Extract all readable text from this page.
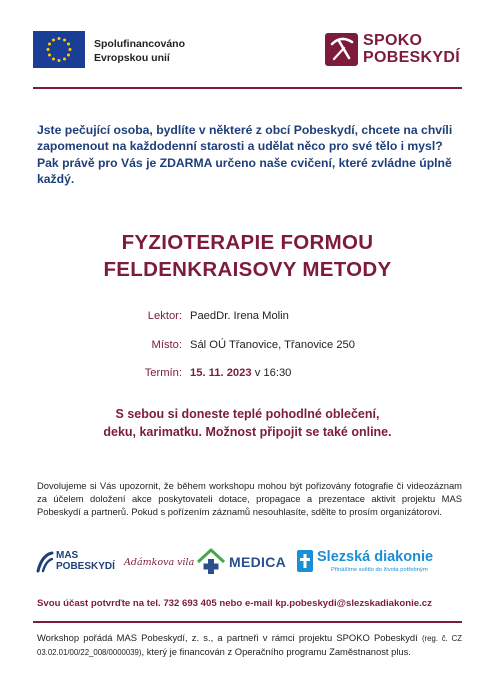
Spolufinancováno
Evropskou unií
SPOKO
POBESKYDÍ
Jste pečující osoba, bydlíte v některé z obcí Pobeskydí, chcete na chvíli zapomenout na každodenní starosti a udělat něco pro své tělo i mysl? Pak právě pro Vás je ZDARMA určeno naše cvičení, které zvládne úplně každý.
FYZIOTERAPIE FORMOU
FELDENKRAISOVY METODY
Lektor: PaedDr. Irena Molin
Místo: Sál OÚ Třanovice, Třanovice 250
Termín: 15. 11. 2023 v 16:30
S sebou si doneste teplé pohodlné oblečení,
deku, karimatku. Možnost připojit se také online.
Dovolujeme si Vás upozornit, že během workshopu mohou být pořizovány fotografie či videozáznam za účelem doložení akce poskytovateli dotace, propagace a prezentace aktivit projektu MAS Pobeskydí a partnerů. Pokud s pořízením záznamů nesouhlasíte, sdělte to prosím organizátorovi.
MAS
POBESKYDÍ Adámkova vila MEDICA Slezská diakonie
Přinášíme světlo do života potřebným
Svou účast potvrďte na tel. 732 693 405 nebo e-mail kp.pobeskydi@slezskadiakonie.cz
Workshop pořádá MAS Pobeskydí, z. s., a partneři v rámci projektu SPOKO Pobeskydí (reg. č. CZ 03.02.01/00/22_008/0000039), který je financován z Operačního programu Zaměstnanost plus.
